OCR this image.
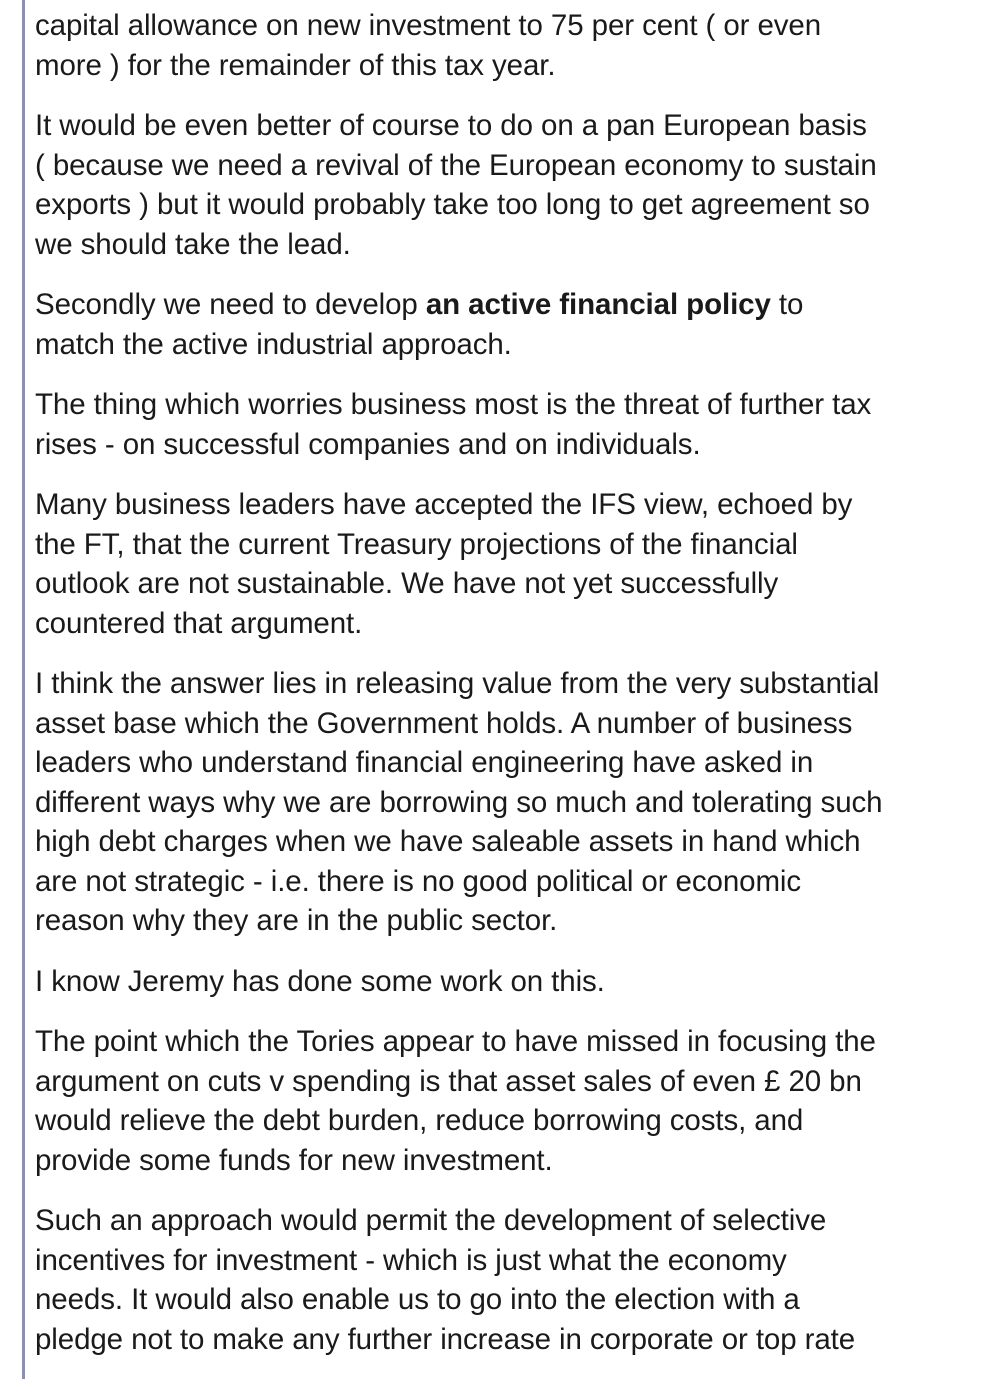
capital allowance on new investment to 75 per cent ( or even
more ) for the remainder of this tax year.

It would be even better of course to do on a pan European basis
( because we need a revival of the European economy to sustain
exports ) but it would probably take too long to get agreement so
we should take the lead.

Secondly we need to develop an active financial policy to
match the active industrial approach.

The thing which worries business most is the threat of further tax
rises - on successful companies and on individuals.

Many business leaders have accepted the IFS view, echoed by
the FT, that the current Treasury projections of the financial
outlook are not sustainable. We have not yet successfully
countered that argument.

I think the answer lies in releasing value from the very substantial
asset base which the Government holds. A number of business
leaders who understand financial engineering have asked in
different ways why we are borrowing so much and tolerating such
high debt charges when we have saleable assets in hand which
are not strategic - i.e. there is no good political or economic
reason why they are in the public sector.

I know Jeremy has done some work on this.

The point which the Tories appear to have missed in focusing the
argument on cuts v spending is that asset sales of even £ 20 bn
would relieve the debt burden, reduce borrowing costs, and
provide some funds for new investment.

Such an approach would permit the development of selective
incentives for investment - which is just what the economy
needs. It would also enable us to go into the election with a
pledge not to make any further increase in corporate or top rate
